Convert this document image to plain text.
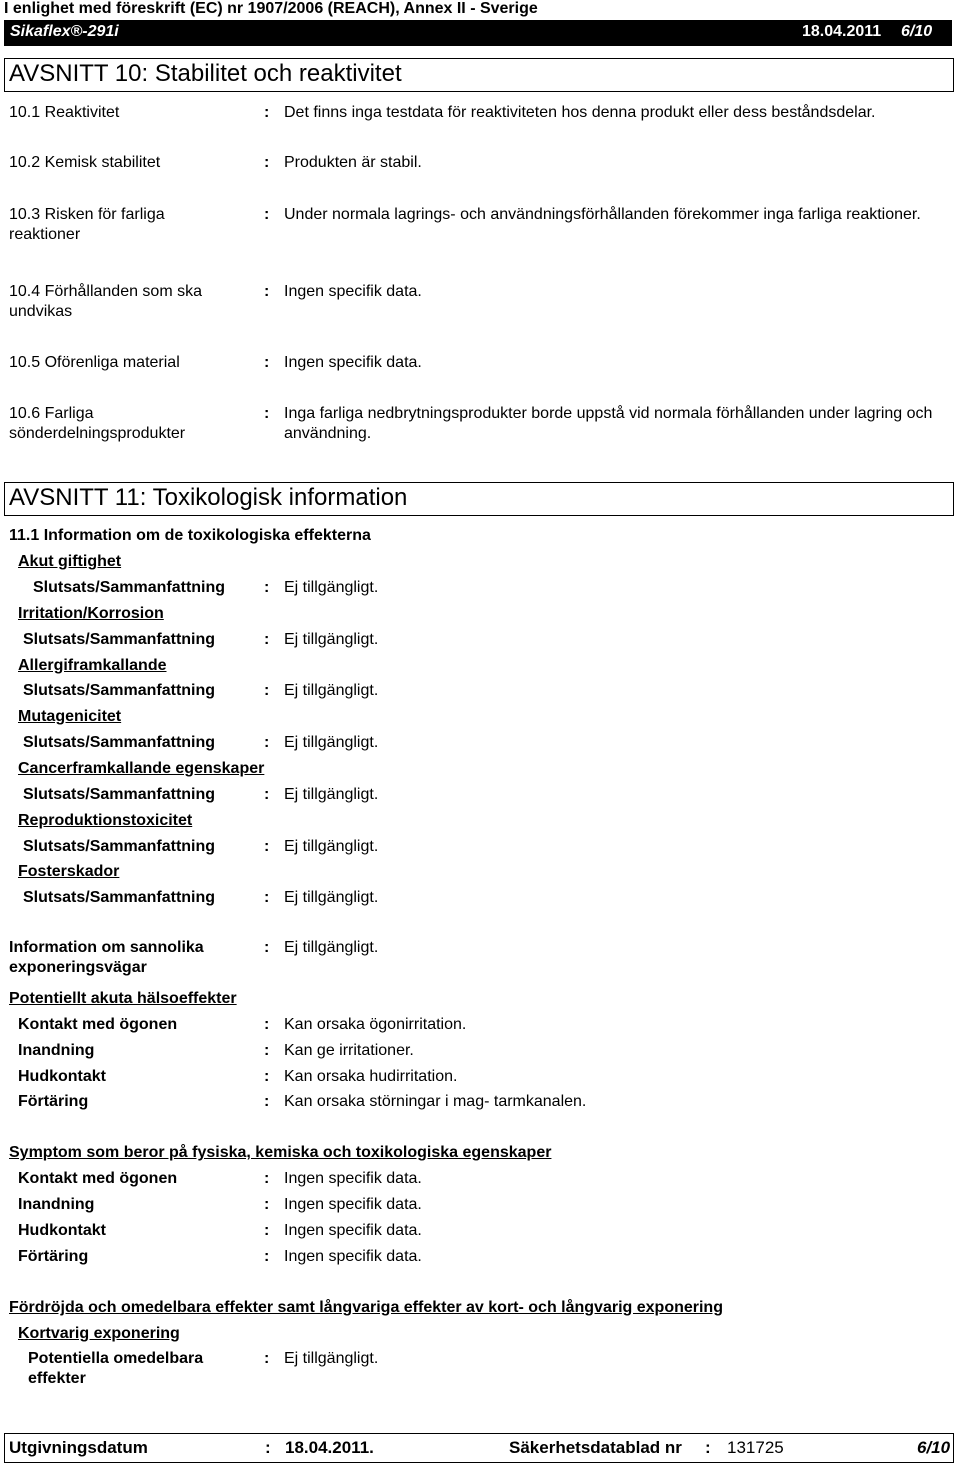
I enlighet med föreskrift (EC) nr 1907/2006 (REACH), Annex II - Sverige
Sikaflex®-291i	18.04.2011 6/10
AVSNITT 10: Stabilitet och reaktivitet
10.1 Reaktivitet	: Det finns inga testdata för reaktiviteten hos denna produkt eller dess beståndsdelar.
10.2 Kemisk stabilitet	: Produkten är stabil.
10.3 Risken för farliga reaktioner
: Under normala lagrings- och användningsförhållanden förekommer inga farliga reaktioner.
10.4 Förhållanden som ska undvikas
: Ingen specifik data.
10.5 Oförenliga material	: Ingen specifik data.
10.6 Farliga sönderdelningsprodukter
: Inga farliga nedbrytningsprodukter borde uppstå vid normala förhållanden under lagring och användning.
AVSNITT 11: Toxikologisk information
11.1 Information om de toxikologiska effekterna
Akut giftighet
Slutsats/Sammanfattning : Ej tillgängligt.
Irritation/Korrosion
Slutsats/Sammanfattning	: Ej tillgängligt.
Allergiframkallande
Slutsats/Sammanfattning	: Ej tillgängligt.
Mutagenicitet
Slutsats/Sammanfattning	: Ej tillgängligt.
Cancerframkallande egenskaper
Slutsats/Sammanfattning	: Ej tillgängligt.
Reproduktionstoxicitet
Slutsats/Sammanfattning	: Ej tillgängligt.
Fosterskador
Slutsats/Sammanfattning	: Ej tillgängligt.
Information om sannolika exponeringsvägar
: Ej tillgängligt.
Potentiellt akuta hälsoeffekter
Kontakt med ögonen	: Kan orsaka ögonirritation.
Inandning	: Kan ge irritationer.
Hudkontakt	: Kan orsaka hudirritation.
Förtäring	: Kan orsaka störningar i mag- tarmkanalen.
Symptom som beror på fysiska, kemiska och toxikologiska egenskaper
Kontakt med ögonen	: Ingen specifik data.
Inandning	: Ingen specifik data.
Hudkontakt	: Ingen specifik data.
Förtäring	: Ingen specifik data.
Fördröjda och omedelbara effekter samt långvariga effekter av kort- och långvarig exponering
Kortvarig exponering
Potentiella omedelbara effekter
: Ej tillgängligt.
Utgivningsdatum	: 18.04.2011.	Säkerhetsdatablad nr : 131725	6/10
